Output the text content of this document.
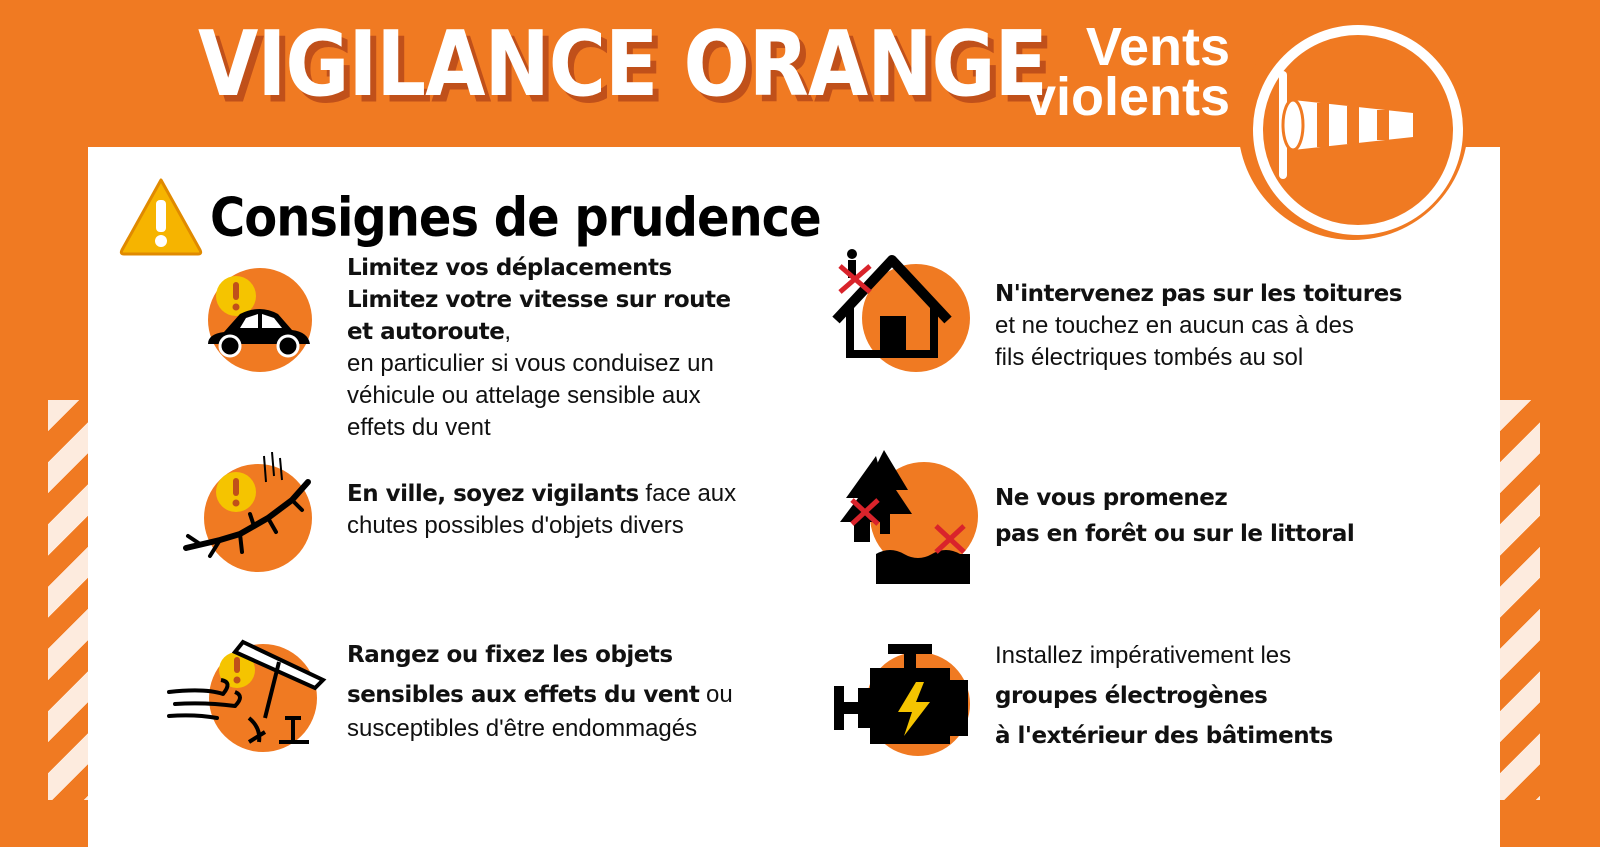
VIGILANCE ORANGE Vents
violents
Consignes de prudence
Limitez vos déplacements
Limitez votre vitesse sur route
et autoroute,
en particulier si vous conduisez un
véhicule ou attelage sensible aux
effets du vent
En ville, soyez vigilants face aux
chutes possibles d'objets divers
Rangez ou fixez les objets
sensibles aux effets du vent ou
susceptibles d'être endommagés
N'intervenez pas sur les toitures
et ne touchez en aucun cas à des
fils électriques tombés au sol
Ne vous promenez
pas en forêt ou sur le littoral
Installez impérativement les
groupes électrogènes
à l'extérieur des bâtiments
